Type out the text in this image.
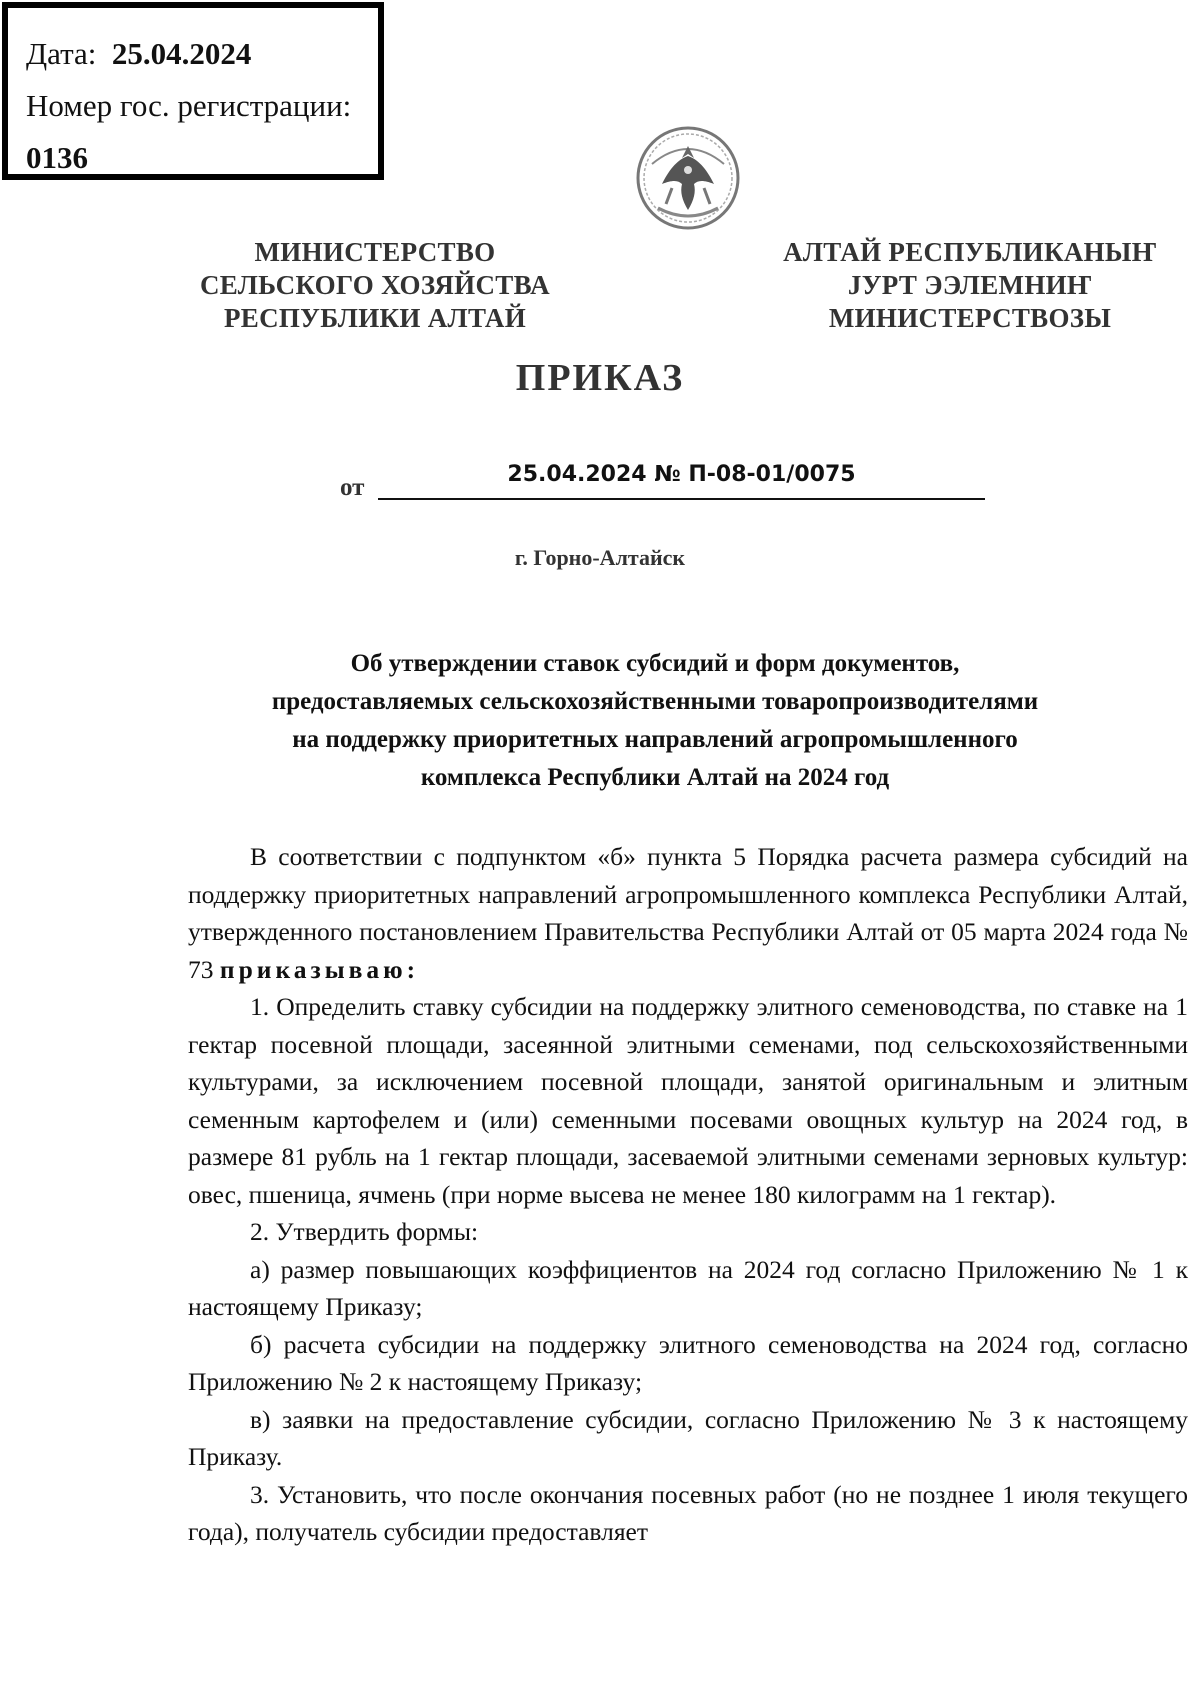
Дата: 25.04.2024
Номер гос. регистрации:
0136
МИНИСТЕРСТВО
СЕЛЬСКОГО ХОЗЯЙСТВА
РЕСПУБЛИКИ АЛТАЙ
АЛТАЙ РЕСПУБЛИКАНЫҤ
ЈУРТ ЭЭЛЕМНИҤ
МИНИСТЕРСТВОЗЫ
ПРИКАЗ
от	25.04.2024 № П-08-01/0075
г. Горно-Алтайск
Об утверждении ставок субсидий и форм документов,
предоставляемых сельскохозяйственными товаропроизводителями
на поддержку приоритетных направлений агропромышленного
комплекса Республики Алтай на 2024 год

В соответствии с подпунктом «б» пункта 5 Порядка расчета размера субсидий на поддержку приоритетных направлений агропромышленного комплекса Республики Алтай, утвержденного постановлением Правительства Республики Алтай от 05 марта 2024 года № 73 приказываю:

1. Определить ставку субсидии на поддержку элитного семеноводства, по ставке на 1 гектар посевной площади, засеянной элитными семенами, под сельскохозяйственными культурами, за исключением посевной площади, занятой оригинальным и элитным семенным картофелем и (или) семенными посевами овощных культур на 2024 год, в размере 81 рубль на 1 гектар площади, засеваемой элитными семенами зерновых культур: овес, пшеница, ячмень (при норме высева не менее 180 килограмм на 1 гектар).

2. Утвердить формы:

а) размер повышающих коэффициентов на 2024 год согласно Приложению № 1 к настоящему Приказу;

б) расчета субсидии на поддержку элитного семеноводства на 2024 год, согласно Приложению № 2 к настоящему Приказу;

в) заявки на предоставление субсидии, согласно Приложению № 3 к настоящему Приказу.

3. Установить, что после окончания посевных работ (но не позднее 1 июля текущего года), получатель субсидии предоставляет
